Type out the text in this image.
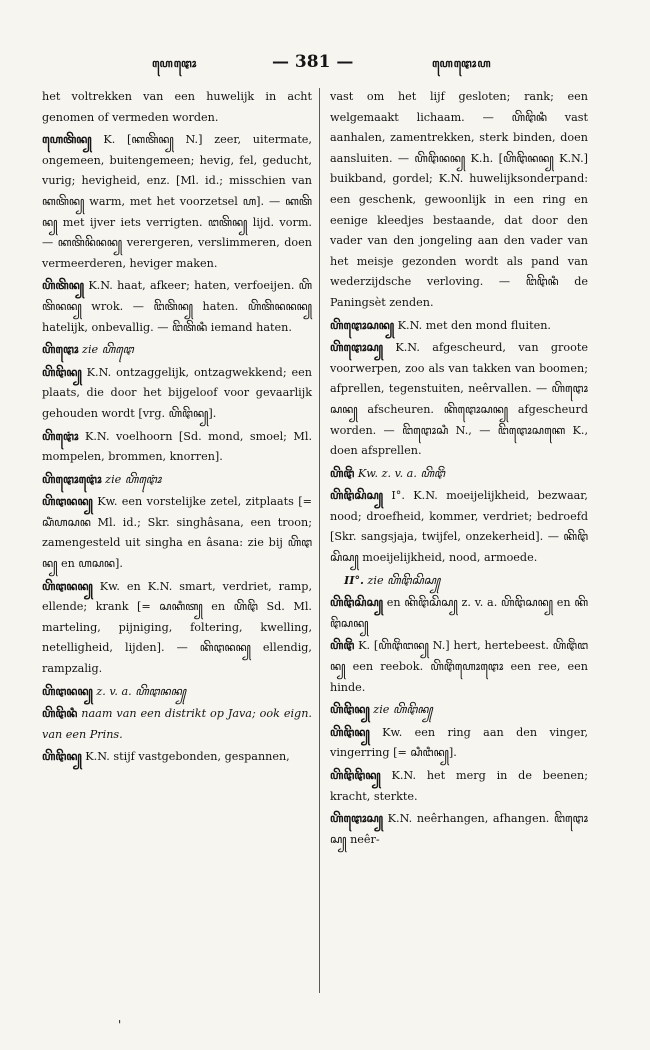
ꦲꦺꦛꦺꦴ	— 381 —	ꦲꦺꦛꦺꦴꦲ

het voltrekken van een huwelijk in acht genomen of vermeden worden.

ꦲꦺꦠꦼꦤ꧀ K. [ꦏꦠꦼꦤ꧀ N.] zeer, uitermate, ongemeen, buitengemeen; hevig, fel, geducht, vurig; hevigheid, enz. [Ml. id.; misschien van ꦏꦠꦼꦤ꧀ warm, met het voorzetsel ꦲ]. — ꦏꦠꦼꦤ꧀ met ijver iets verrigten. ꦔꦠꦼꦤ꧀ lijd. vorm. — ꦏꦠꦼꦤꦼꦤꦤ꧀ verergeren, verslimmeren, doen vermeerderen, heviger maken.

ꦲꦼꦠꦼꦤ꧀ K.N. haat, afkeer; haten, verfoeijen. ꦲꦼꦠꦼꦤꦤ꧀ wrok. — ꦔꦼꦠꦼꦤ꧀ haten. ꦲꦼꦠꦼꦤꦤꦤ꧀ hatelijk, onbevallig. — ꦔꦼꦠꦼꦤꦶ iemand haten.

ꦲꦼꦛꦺꦴ zie ꦲꦼꦛꦺ

ꦲꦼꦛꦼꦤ꧀ K.N. ontzaggelijk, ontzagwekkend; een plaats, die door het bijgeloof voor gevaarlijk gehouden wordt [vrg. ꦲꦼꦛꦼꦤ꧀].

ꦲꦼꦛꦺꦴꦁ K.N. voelhoorn [Sd. mond, smoel; Ml. mompelen, brommen, knorren].

ꦲꦼꦛꦺꦴꦛꦺꦴꦁ zie ꦲꦼꦛꦺꦴꦁ

ꦲꦼꦛꦤꦤ꧀ Kw. een vorstelijke zetel, zitplaats [= ꦱꦶꦁꦲꦱꦤ Ml. id.; Skr. singhâsana, een troon; zamengesteld uit singha en âsana: zie bij ꦲꦼꦛꦤ꧀ en ꦲꦱꦤ].

ꦲꦼꦛꦤꦤ꧀ Kw. en K.N. smart, verdriet, ramp, ellende; krank [= ꦱꦏꦶꦠ꧀ en ꦲꦼꦛꦼ Sd. Ml. marteling, pijniging, foltering, kwelling, netelligheid, lijden]. — ꦏꦼꦛꦤꦤ꧀ ellendig, rampzalig.

ꦲꦼꦛꦤꦤ꧀ z. v. a. ꦲꦼꦛꦤꦤ꧀

ꦲꦼꦛꦼꦤꦶ naam van een distrikt op Java; ook eign. van een Prins.

ꦲꦼꦛꦼꦤ꧀ K.N. stijf vastgebonden, gespannen,

vast om het lijf gesloten; rank; een welgemaakt lichaam. — ꦲꦼꦛꦼꦤꦶ vast aanhalen, zamentrekken, sterk binden, doen aansluiten. — ꦲꦼꦛꦼꦤꦤ꧀ K.h. [ꦲꦼꦛꦼꦤꦤ꧀ K.N.] buikband, gordel; K.N. huwelijksonderpand: een geschenk, gewoonlijk in een ring en eenige kleedjes bestaande, dat door den vader van den jongeling aan den vader van het meisje gezonden wordt als pand van wederzijdsche verloving. — ꦔꦼꦛꦼꦤꦶ de Paningsèt zenden.

ꦲꦼꦛꦺꦴꦱꦤ꧀ K.N. met den mond fluiten.

ꦲꦼꦛꦺꦴꦱ꧀ K.N. afgescheurd, van groote voorwerpen, zoo als van takken van boomen; afprellen, tegenstuiten, neêrvallen. — ꦲꦼꦛꦺꦴꦱꦤ꧀ afscheuren. ꦏꦼꦛꦺꦴꦱꦤ꧀ afgescheurd worden. — ꦔꦼꦛꦺꦴꦱꦶ N., — ꦔꦼꦛꦺꦴꦱꦏꦺ K., doen afsprellen.

ꦲꦼꦛꦼꦁ Kw. z. v. a. ꦲꦼꦛꦼꦁ

ꦲꦼꦛꦼꦱꦼꦱ꧀ I°. K.N. moeijelijkheid, bezwaar, nood; droefheid, kommer, verdriet; bedroefd [Skr. sangsjaja, twijfel, onzekerheid]. — ꦏꦼꦛꦼꦱꦼꦱ꧀ moeijelijkheid, nood, armoede.

II°. zie ꦲꦼꦛꦼꦱꦼꦱ꧀

ꦲꦼꦛꦼꦱꦼꦱ꧀ en ꦏꦼꦛꦼꦱꦼꦱ꧀ z. v. a. ꦲꦼꦛꦼꦱꦤ꧀ en ꦏꦼꦛꦼꦱꦤ꧀

ꦲꦼꦛꦼꦁ K. [ꦲꦼꦛꦼꦁꦔꦤ꧀ N.] hert, hertebeest. ꦲꦼꦛꦼꦁꦔꦤ꧀ een reebok. ꦲꦼꦛꦼꦁꦲꦺꦴꦛꦺꦴ een ree, een hinde.

ꦲꦼꦛꦼꦤ꧀ zie ꦲꦼꦛꦼꦤ꧀

ꦲꦼꦛꦼꦤ꧀ Kw. een ring aan den vinger, vingerring [= ꦱꦶꦔꦶꦤ꧀].

ꦲꦼꦛꦼꦛꦼꦤ꧀ K.N. het merg in de beenen; kracht, sterkte.

ꦲꦼꦛꦺꦴꦱ꧀ K.N. neêrhangen, afhangen. ꦔꦼꦛꦺꦴꦱ꧀ neêr-

'
